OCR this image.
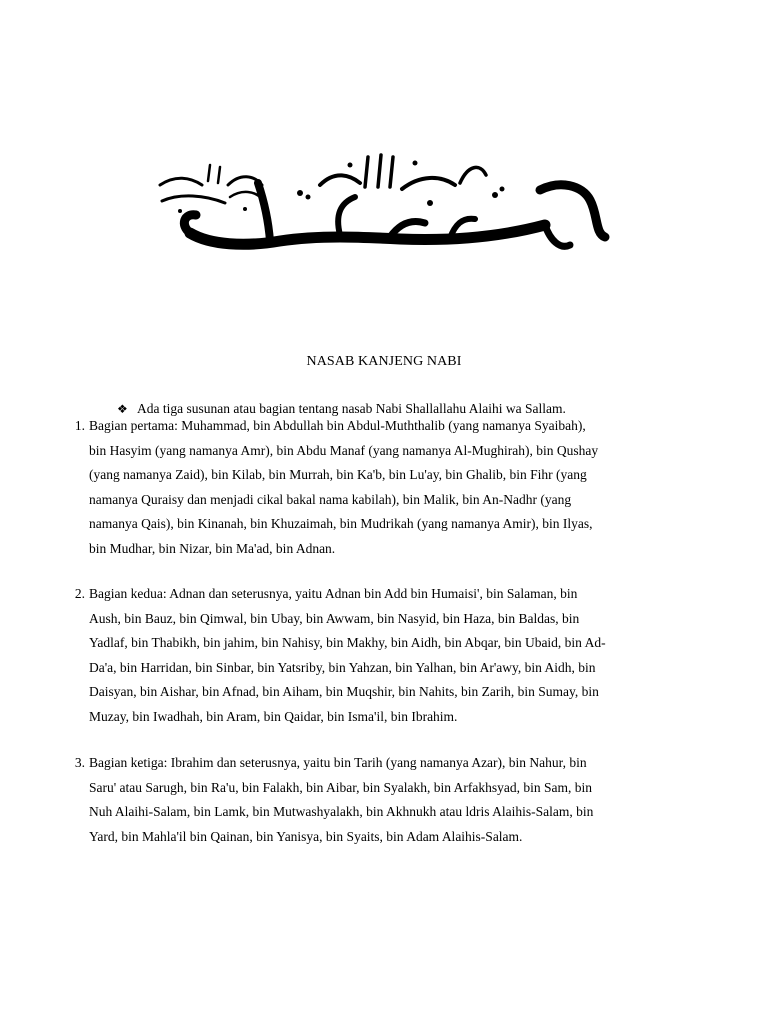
NASAB KANJENG NABI
❖ Ada tiga susunan atau bagian tentang nasab Nabi Shallallahu Alaihi wa Sallam.
1. Bagian pertama: Muhammad, bin Abdullah bin Abdul-Muththalib (yang namanya Syaibah),
bin Hasyim (yang namanya Amr), bin Abdu Manaf (yang namanya Al-Mughirah), bin Qushay
(yang namanya Zaid), bin Kilab, bin Murrah, bin Ka'b, bin Lu'ay, bin Ghalib, bin Fihr (yang
namanya Quraisy dan menjadi cikal bakal nama kabilah), bin Malik, bin An-Nadhr (yang
namanya Qais), bin Kinanah, bin Khuzaimah, bin Mudrikah (yang namanya Amir), bin Ilyas,
bin Mudhar, bin Nizar, bin Ma'ad, bin Adnan.
2. Bagian kedua: Adnan dan seterusnya, yaitu Adnan bin Add bin Humaisi', bin Salaman, bin
Aush, bin Bauz, bin Qimwal, bin Ubay, bin Awwam, bin Nasyid, bin Haza, bin Baldas, bin
Yadlaf, bin Thabikh, bin jahim, bin Nahisy, bin Makhy, bin Aidh, bin Abqar, bin Ubaid, bin Ad-
Da'a, bin Harridan, bin Sinbar, bin Yatsriby, bin Yahzan, bin Yalhan, bin Ar'awy, bin Aidh, bin
Daisyan, bin Aishar, bin Afnad, bin Aiham, bin Muqshir, bin Nahits, bin Zarih, bin Sumay, bin
Muzay, bin Iwadhah, bin Aram, bin Qaidar, bin Isma'il, bin Ibrahim.
3. Bagian ketiga: Ibrahim dan seterusnya, yaitu bin Tarih (yang namanya Azar), bin Nahur, bin
Saru' atau Sarugh, bin Ra'u, bin Falakh, bin Aibar, bin Syalakh, bin Arfakhsyad, bin Sam, bin
Nuh Alaihi-Salam, bin Lamk, bin Mutwashyalakh, bin Akhnukh atau ldris Alaihis-Salam, bin
Yard, bin Mahla'il bin Qainan, bin Yanisya, bin Syaits, bin Adam Alaihis-Salam.
